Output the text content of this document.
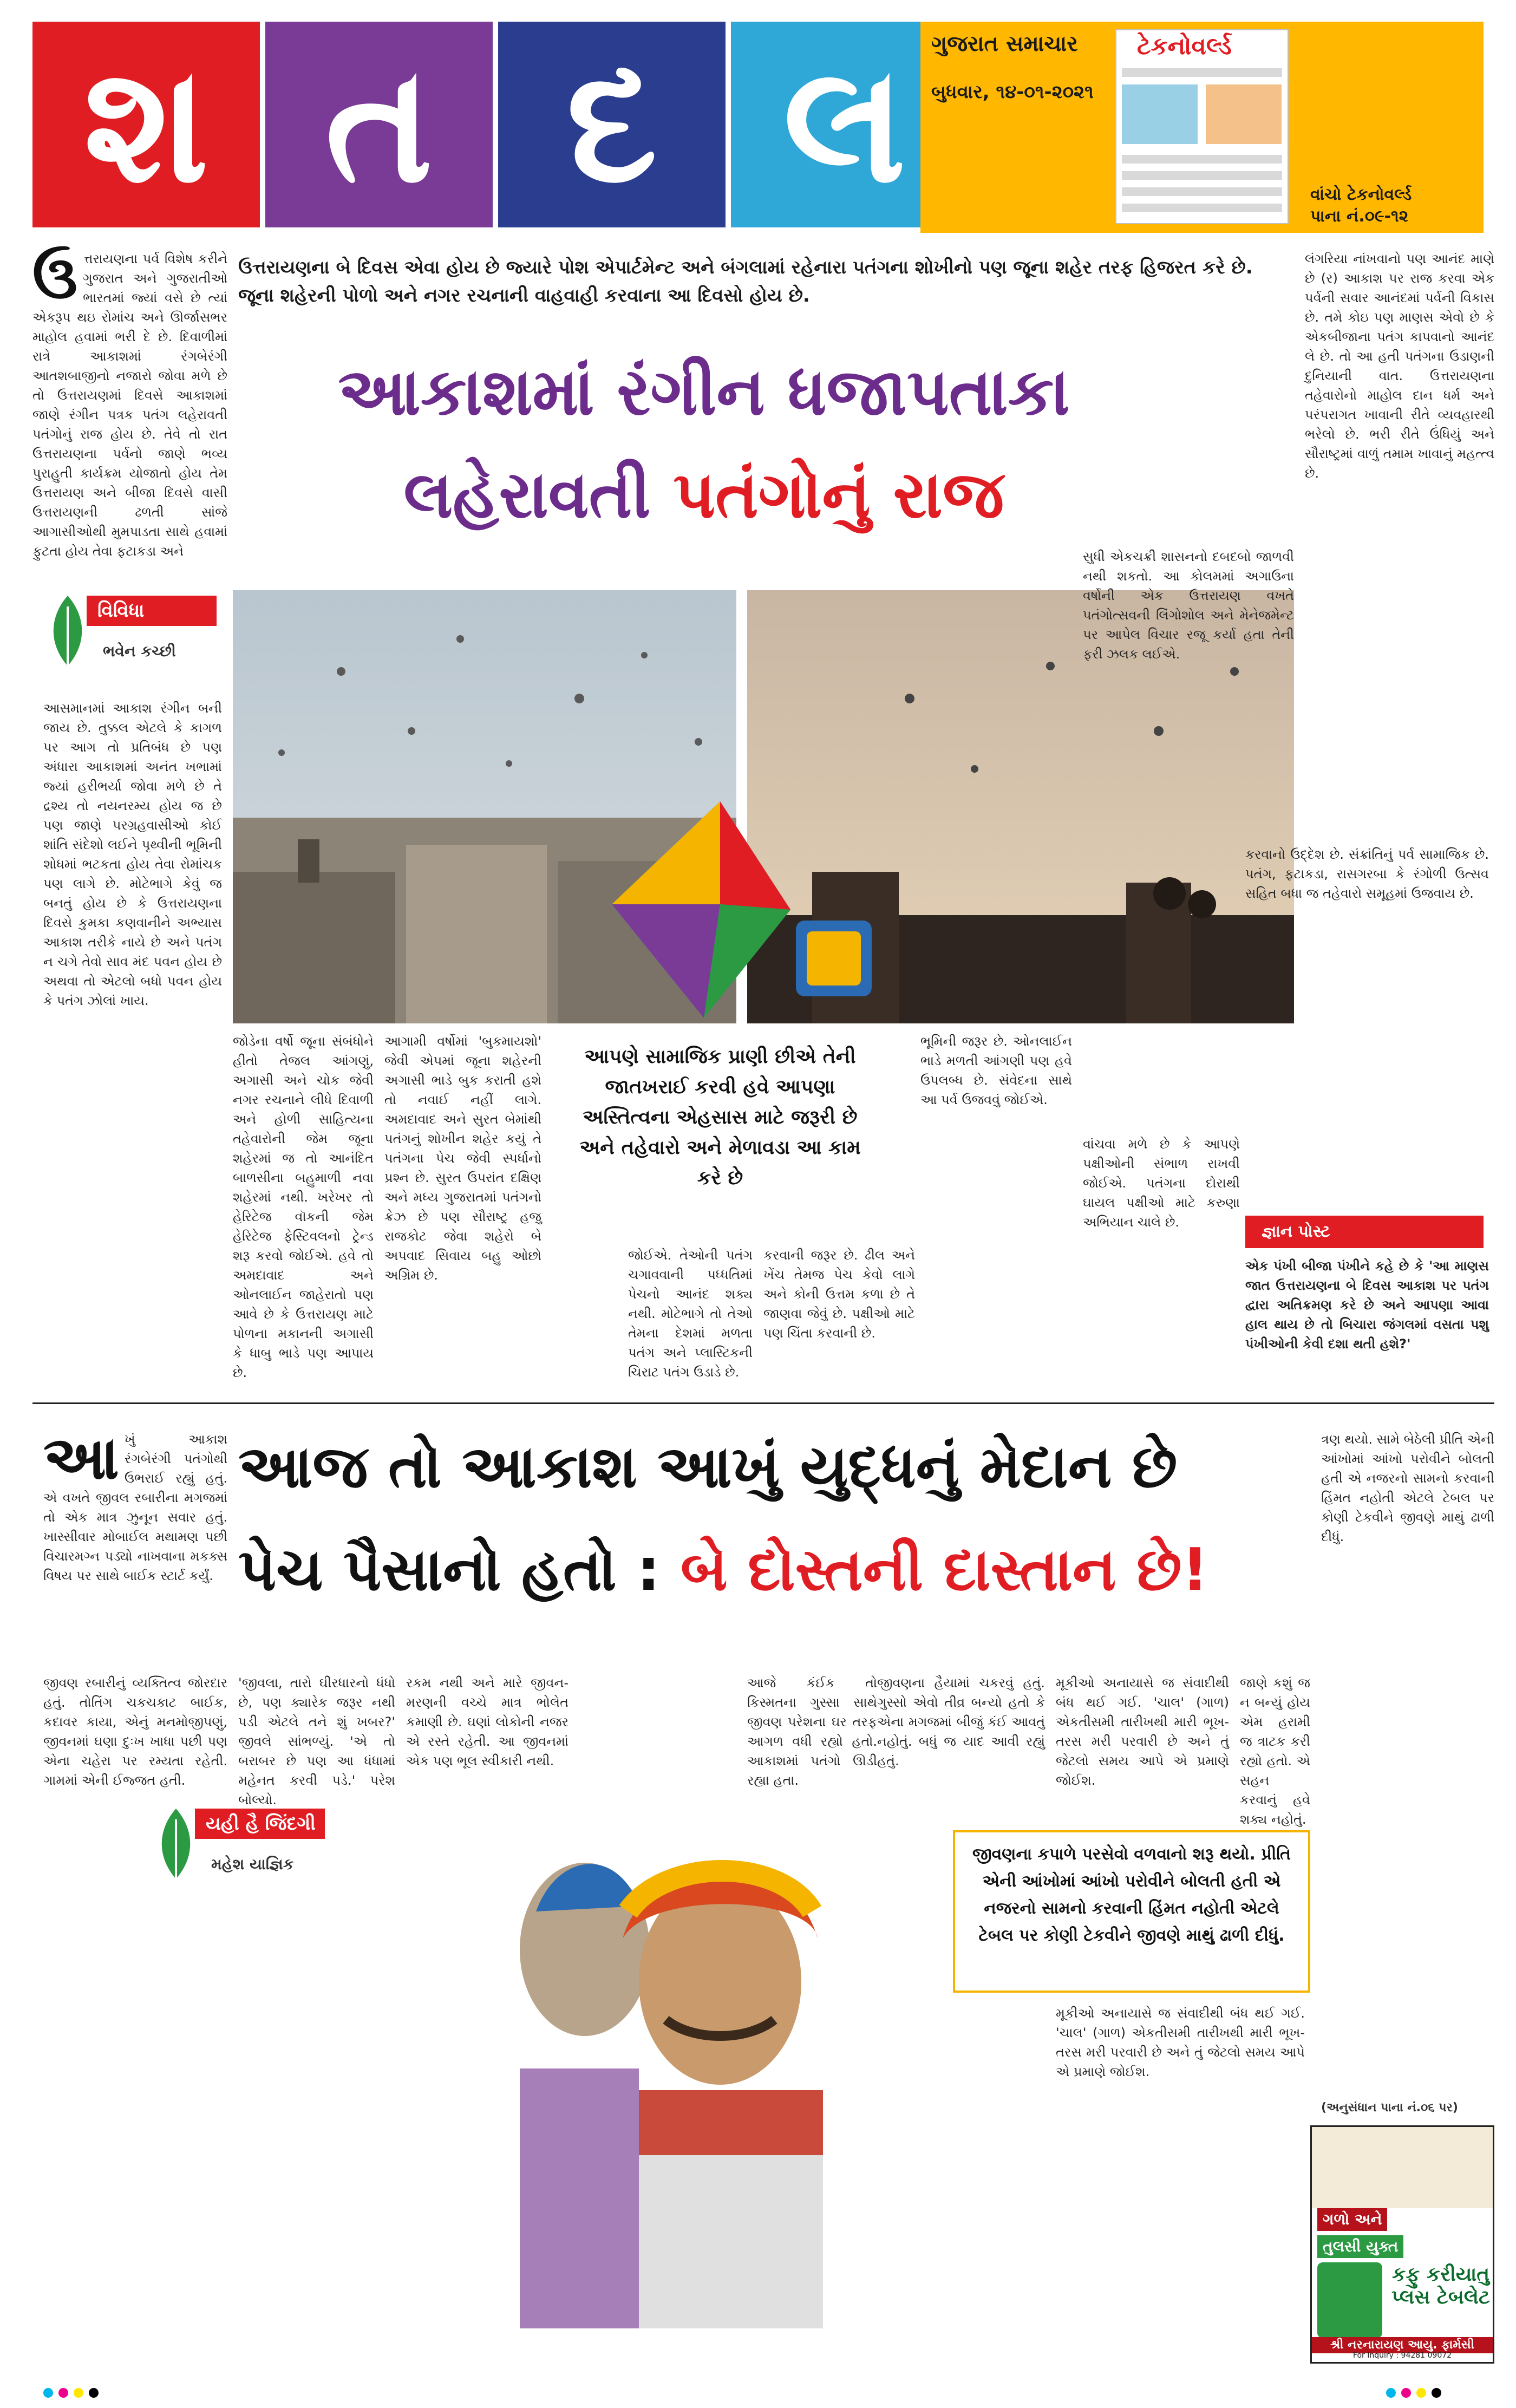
શ ત દ લ	ગુજરાત સમાચાર
બુધવાર, ૧૪-૦૧-૨૦૨૧
ટેકનોવર્લ્ડ
વાંચો ટેકનોવર્લ્ડ
પાના નં.૦૯-૧૨
ઉત્તરાયણના પર્વ વિશેષ કરીને ગુજરાત અને ગુજરાતીઓ ભારતમાં જ્યાં વસે છે ત્યાં એકરૂપ થઇ રોમાંચ અને ઊર્જાસભર માહોલ હવામાં ભરી દે છે. દિવાળીમાં રાત્રે આકાશમાં રંગબેરંગી આતશબાજીનો નજારો જોવા મળે છે તો ઉત્તરાયણમાં દિવસે આકાશમાં જાણે રંગીન પત્રક પતંગ લહેરાવતી પતંગોનું રાજ હોય છે. તેવે તો રાત ઉત્તરાયણના પર્વનો જાણે ભવ્ય પુરાહુતી કાર્યક્રમ યોજાતો હોય તેમ ઉત્તરાયણ અને બીજા દિવસે વાસી ઉત્તરાયણની ઢળતી સાંજે આગાસીઓથી મુમપાડતા સાથે હવામાં ફુટતા હોય તેવા ફટાકડા અને
ઉત્તરાયણના બે દિવસ એવા હોય છે જ્યારે પોશ એપાર્ટમેન્ટ અને બંગલામાં રહેનારા પતંગના શોખીનો પણ જૂના શહેર તરફ હિજરત કરે છે. જૂના શહેરની પોળો અને નગર રચનાની વાહવાહી કરવાના આ દિવસો હોય છે.
લંગરિયા નાંખવાનો પણ આનંદ માણે છે (ર) આકાશ પર રાજ કરવા એક પર્વની સવાર આનંદમાં પર્વની વિકાસ છે. તમે કોઇ પણ માણસ એવો છે કે એકબીજાના પતંગ કાપવાનો આનંદ લે છે. તો આ હતી પતંગના ઉડાણની દુનિયાની વાત. ઉત્તરાયણના તહેવારોનો માહોલ દાન ધર્મ અને પરંપરાગત ખાવાની રીતે વ્યવહારથી ભરેલો છે. ભરી રીતે ઉંધિયું અને સૌરાષ્ટ્રમાં વાળું તમામ ખાવાનું મહત્ત્વ છે.
આકાશમાં રંગીન ધજાપતાકા
લહેરાવતી પતંગોનું રાજ
વિવિધા
ભવેન કચ્છી

આપણે સામાજિક પ્રાણી છીએ તેની જાતખરાઈ કરવી હવે આપણા અસ્તિત્વના એહસાસ માટે જરૂરી છે અને તહેવારો અને મેળાવડા આ કામ કરે છે

આસમાનમાં આકાશ રંગીન બની જાય છે. તુક્કલ એટલે કે કાગળ પર આગ તો પ્રતિબંધ છે પણ અંધારા આકાશમાં અનંત ખભામાં જ્યાં હરીભર્યા જોવા મળે છે તે દ્રશ્ય તો નયનરમ્ય હોય જ છે પણ જાણે પરગ્રહવાસીઓ કોઈ શાંતિ સંદેશો લઈને પૃથ્વીની ભૂમિની શોધમાં ભટકતા હોય તેવા રોમાંચક પણ લાગે છે. મોટેભાગે કેવું જ બનતું હોય છે કે ઉત્તરાયણના દિવસે કુમકા કણવાનીને અભ્યાસ આકાશ તરીકે નાયે છે અને પતંગ ન ચગે તેવો સાવ મંદ પવન હોય છે અથવા તો એટલો બધો પવન હોય કે પતંગ ઝોલાં ખાય.
જોડેના વર્ષો જૂના સંબંધોને હીતો તેજલ આંગણું, અગાસી અને ચોક જેવી નગર રચનાને લીધે દિવાળી અને હોળી સાહિત્યના તહેવારોની જેમ જૂના શહેરમાં જ તો આનંદિત બાળસીના બહુમાળી નવા શહેરમાં નથી. ખરેખર તો હેરિટેજ વૉકની જેમ હેરિટેજ ફેસ્ટિવલનો ટ્રેન્ડ શરૂ કરવો જોઈએ. હવે તો અમદાવાદ અને ઓનલાઈન જાહેરાતો પણ આવે છે કે ઉત્તરાયણ માટે પોળના મકાનની અગાસી કે ધાબુ ભાડે પણ આપાય છે.
આગામી વર્ષોમાં 'બુકમાયશો' જેવી એપમાં જૂના શહેરની અગાસી ભાડે બુક કરાતી હશે તો નવાઈ નહીં લાગે. અમદાવાદ અને સુરત બેમાંથી પતંગનું શોખીન શહેર કયું તે પતંગના પેચ જેવી સ્પર્ધાનો પ્રશ્ન છે. સુરત ઉપરાંત દક્ષિણ અને મધ્ય ગુજરાતમાં પતંગનો ક્રેઝ છે પણ સૌરાષ્ટ્ર હજુ રાજકોટ જેવા શહેરો બે અપવાદ સિવાય બહુ ઓછો અગ્રિમ છે.
જોઈએ. તેઓની પતંગ ચગાવવાની પધ્ધતિમાં પેચનો આનંદ શક્ય નથી. મોટેભાગે તો તેઓ તેમના દેશમાં મળતા પતંગ અને પ્લાસ્ટિકની ચિરાટ પતંગ ઉડાડે છે.
કરવાની જરૂર છે. ઢીલ અને ખેંચ તેમજ પેચ કેવો લાગે અને કોની ઉત્તમ કળા છે તે જાણવા જેવું છે. પક્ષીઓ માટે પણ ચિંતા કરવાની છે.
સુધી એકચક્રી શાસનનો દબદબો જાળવી નથી શકતો. આ કોલમમાં અગાઉના વર્ષોની એક ઉત્તરાયણ વખતે પતંગોત્સવની લિંગોશોલ અને મેનેજમેન્ટ પર આપેલ વિચાર રજૂ કર્યા હતા તેની ફરી ઝલક લઈએ.
ભૂમિની જરૂર છે. ઓનલાઈન ભાડે મળતી આંગણી પણ હવે ઉપલબ્ધ છે. સંવેદના સાથે આ પર્વ ઉજવવું જોઈએ.
વાંચવા મળે છે કે આપણે પક્ષીઓની સંભાળ રાખવી જોઈએ. પતંગના દોરાથી ઘાયલ પક્ષીઓ માટે કરુણા અભિયાન ચાલે છે.
કરવાનો ઉદ્દેશ છે. સંક્રાંતિનું પર્વ સામાજિક છે. પતંગ, ફટાકડા, રાસગરબા કે રંગોળી ઉત્સવ સહિત બધા જ તહેવારો સમૂહમાં ઉજવાય છે.
જ્ઞાન પોસ્ટ
એક પંખી બીજા પંખીને કહે છે કે 'આ માણસ જાત ઉત્તરાયણના બે દિવસ આકાશ પર પતંગ દ્વારા અતિક્રમણ કરે છે અને આપણા આવા હાલ થાય છે તો બિચારા જંગલમાં વસતા પશુ પંખીઓની કેવી દશા થતી હશે?'
આખું આકાશ રંગબેરંગી પતંગોથી ઉભરાઈ રહ્યું હતું. એ વખતે જીવલ રબારીના મગજમાં તો એક માત્ર ઝુનૂન સવાર હતું. ખાસ્સીવાર મોબાઈલ મથામણ પછી વિચારમગ્ન પડ્યો નાખવાના મકક્સ વિષય પર સાથે બાઈક સ્ટાર્ટ કર્યું.
આજ તો આકાશ આખું યુદ્ધનું મેદાન છે
પેચ પૈસાનો હતો : બે દોસ્તની દાસ્તાન છે!
જીવણ રબારીનું વ્યક્તિત્વ જોરદાર હતું. તોતિંગ ચકચકાટ બાઈક, કદાવર કાયા, એનું મનમોજીપણું, જીવનમાં ઘણા દુઃખ ખાધા પછી પણ એના ચહેરા પર રમ્યતા રહેતી. ગામમાં એની ઈજ્જત હતી.
યહી હૈ જિંદગી
મહેશ યાજ્ઞિક
'જીવલા, તારો ઘીરધારનો ધંધો છે, પણ ક્યારેક જરૂર નથી પડી એટલે તને શું ખબર?' જીવલે સાંભળ્યું. 'એ તો બરાબર છે પણ આ ધંધામાં મહેનત કરવી પડે.' પરેશ બોલ્યો.
રકમ નથી અને મારે જીવન-મરણની વચ્ચે માત્ર ભોલેત કમાણી છે. ઘણાં લોકોની નજર એ રસ્તે રહેતી. આ જીવનમાં એક પણ ભૂલ સ્વીકારી નથી.
આજે કંઈક તો કિસ્મતના ગુસ્સા સાથે જીવણ પરેશના ઘર તરફ આગળ વધી રહ્યો હતો. આકાશમાં પતંગો ઊડી રહ્યા હતા.
જીવણના હૈયામાં ચકરવું હતું. ગુસ્સો એવો તીવ્ર બન્યો હતો કે એના મગજમાં બીજું કંઈ આવતું નહોતું. બધું જ યાદ આવી રહ્યું હતું.
મૂકીઓ અનાયાસે જ સંવાદીથી બંધ થઈ ગઈ. 'ચાલ' (ગાળ) એકતીસમી તારીખથી મારી ભૂખ-તરસ મરી પરવારી છે અને તું જેટલો સમય આપે એ પ્રમાણે જોઈશ.
જાણે કશું જ ન બન્યું હોય એમ હરામી જ ત્રાટક કરી રહ્યો હતો. એ સહન કરવાનું હવે શક્ય નહોતું.
ત્રણ થયો. સામે બેઠેલી પ્રીતિ એની આંખોમાં આંખો પરોવીને બોલતી હતી એ નજરનો સામનો કરવાની હિંમત નહોતી એટલે ટેબલ પર કોણી ટેકવીને જીવણે માથું ઢાળી દીધું.

જીવણના કપાળે પરસેવો વળવાનો શરૂ થયો. પ્રીતિ એની આંખોમાં આંખો પરોવીને બોલતી હતી એ નજરનો સામનો કરવાની હિંમત નહોતી એટલે ટેબલ પર કોણી ટેકવીને જીવણે માથું ઢાળી દીધું.

મૂકીઓ અનાયાસે જ સંવાદીથી બંધ થઈ ગઈ. 'ચાલ' (ગાળ) એકતીસમી તારીખથી મારી ભૂખ-તરસ મરી પરવારી છે અને તું જેટલો સમય આપે એ પ્રમાણે જોઈશ.
(અનુસંધાન પાના નં.૦૬ પર)
ગળો અને
તુલસી યુક્ત
કફુ કરીયાતુ પ્લસ ટેબલેટ
શ્રી નરનારાયણ આયુ. ફાર્મસી
For Inquiry : 94281 09072
